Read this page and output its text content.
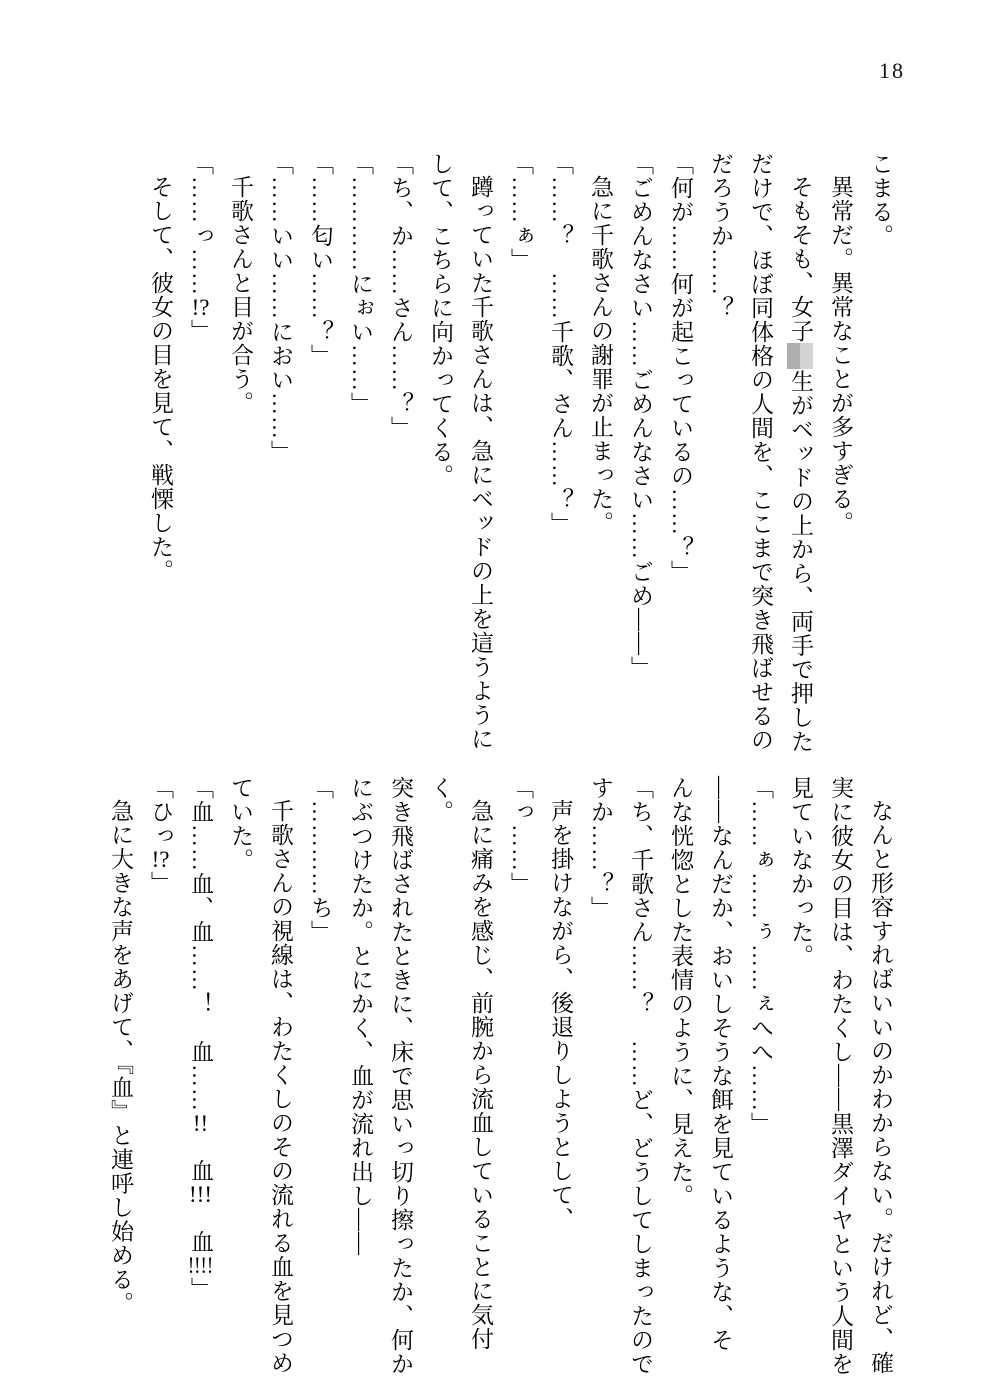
18

こまる。

異常だ。異常なことが多すぎる。

そもそも、女子生がベッドの上から、両手で押した

だけで、ほぼ同体格の人間を、ここまで突き飛ばせるの

だろうか……？

「何が……何が起こっているの……？」

「ごめんなさい……ごめんなさい……ごめ――」

急に千歌さんの謝罪が止まった。

「……？　……千歌、さん……？」

「……ぁ」

蹲っていた千歌さんは、急にベッドの上を這うように

して、こちらに向かってくる。

「ち、か……さん……？」

「…………にぉい……」

「……匂い……？」

「……いい……におい……」

千歌さんと目が合う。

「……っ……!?」

そして、彼女の目を見て、戦慄した。

なんと形容すればいいのかわからない。だけれど、確

実に彼女の目は、わたくし――黒澤ダイヤという人間を

見ていなかった。

「……ぁ……ぅ……ぇへへ……」

――なんだか、おいしそうな餌を見ているような、そ

んな恍惚とした表情のように、見えた。

「ち、千歌さん……？　……ど、どうしてしまったので

すか……？」

声を掛けながら、後退りしようとして、

「っ……」

急に痛みを感じ、前腕から流血していることに気付く。

突き飛ばされたときに、床で思いっ切り擦ったか、何か

にぶつけたか。とにかく、血が流れ出し――

「…………ち」

千歌さんの視線は、わたくしのその流れる血を見つめ

ていた。

「血……血、血……！　血……!!　血!!!　血!!!!」

「ひっ!?」

急に大きな声をあげて、『血』と連呼し始める。
